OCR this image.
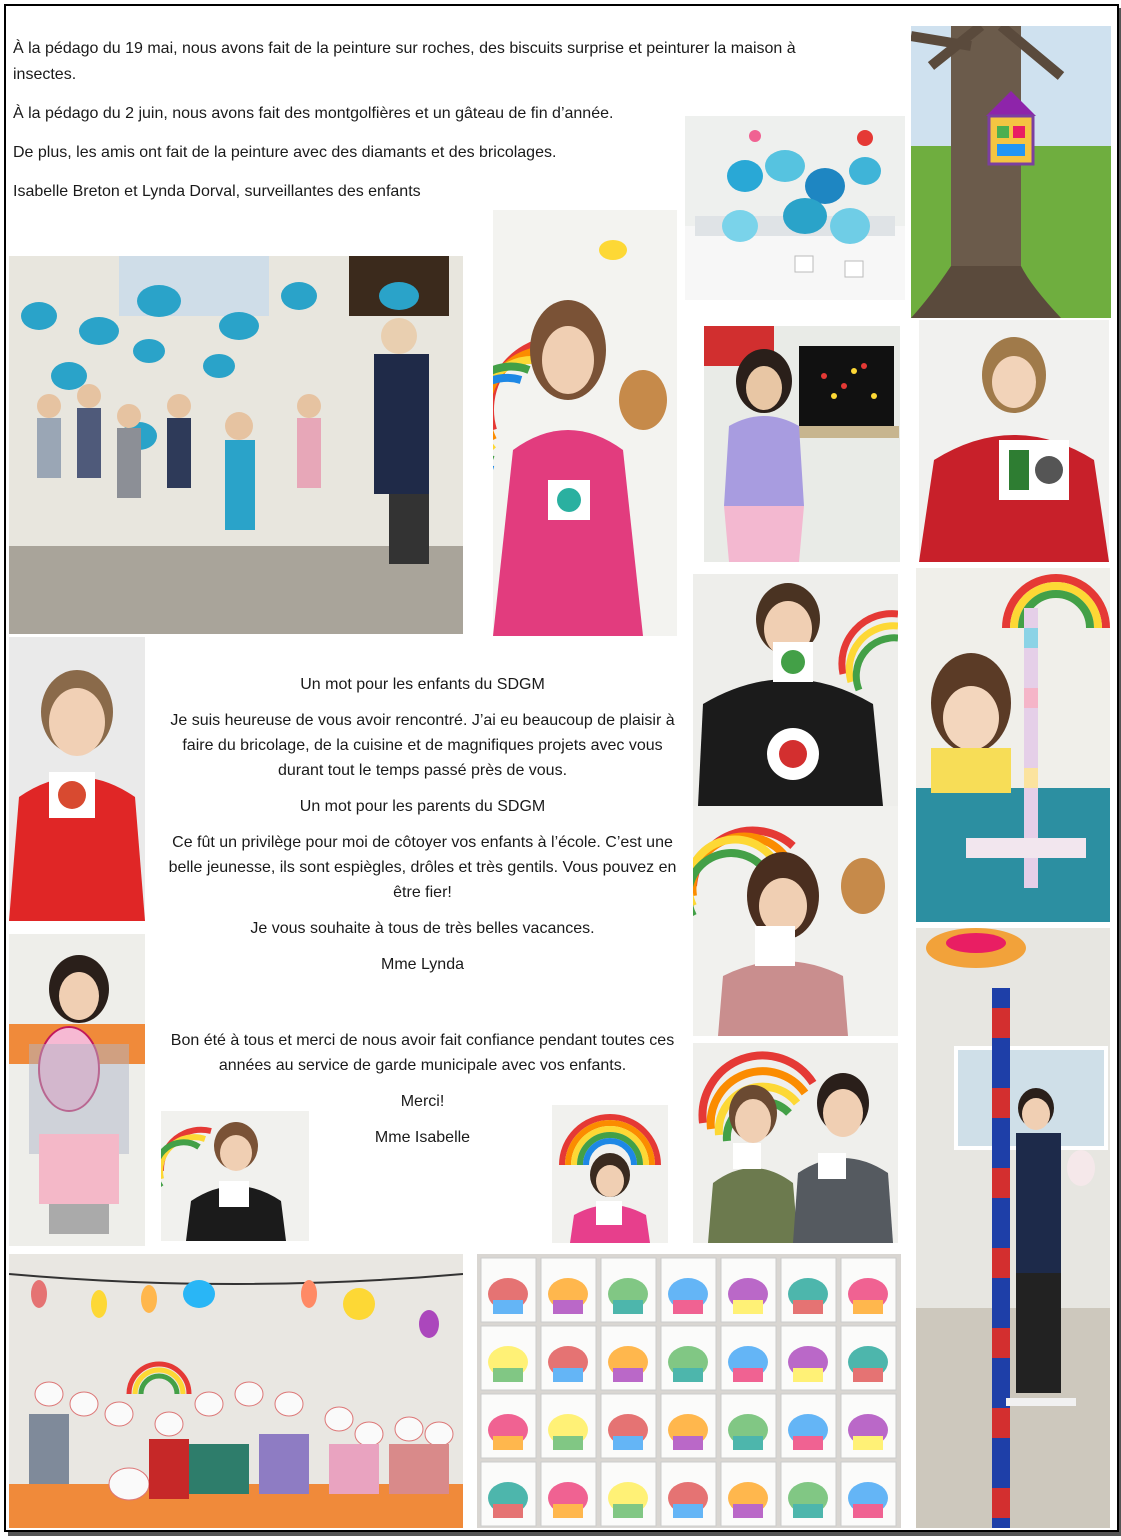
À la pédago du 19 mai, nous avons fait de la peinture sur roches, des biscuits surprise et peinturer la maison à insectes.

À la pédago du 2 juin, nous avons fait des montgolfières et un gâteau de fin d’année.

De plus, les amis ont fait de la peinture avec des diamants et des bricolages.

Isabelle Breton et Lynda Dorval, surveillantes des enfants

Un mot pour les enfants du SDGM

Je suis heureuse de vous avoir rencontré. J’ai eu beaucoup de plaisir à faire du bricolage, de la cuisine et de magnifiques projets avec vous durant tout le temps passé près de vous.

Un mot pour les parents du SDGM

Ce fût un privilège pour moi de côtoyer vos enfants à l’école. C’est une belle jeunesse, ils sont espiègles, drôles et très gentils. Vous pouvez en être fier!

Je vous souhaite à tous de très belles vacances.

Mme Lynda

Bon été à tous et merci de nous avoir fait confiance pendant toutes ces années au service de garde municipale avec vos enfants.

Merci!

Mme Isabelle
